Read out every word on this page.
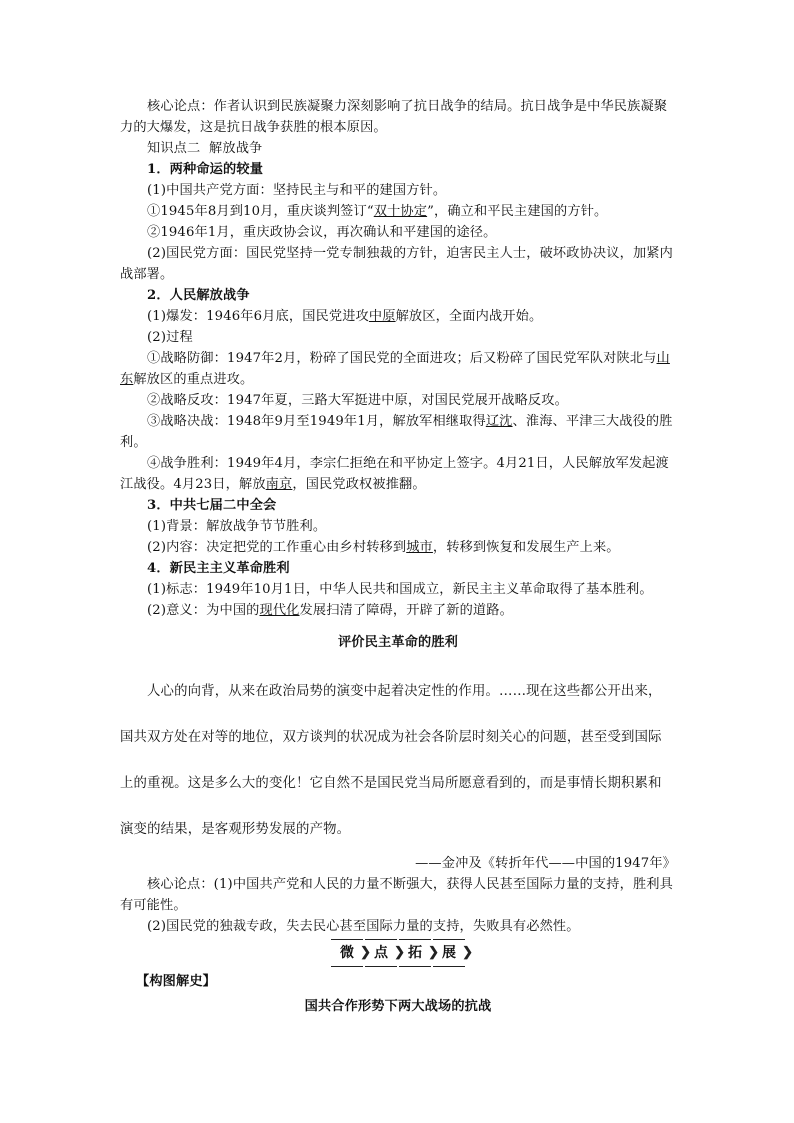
核心论点：作者认识到民族凝聚力深刻影响了抗日战争的结局。抗日战争是中华民族凝聚力的大爆发，这是抗日战争获胜的根本原因。

知识点二  解放战争

1．两种命运的较量

(1)中国共产党方面：坚持民主与和平的建国方针。

①1945年8月到10月，重庆谈判签订“双十协定”，确立和平民主建国的方针。

②1946年1月，重庆政协会议，再次确认和平建国的途径。

(2)国民党方面：国民党坚持一党专制独裁的方针，迫害民主人士，破坏政协决议，加紧内战部署。

2．人民解放战争

(1)爆发：1946年6月底，国民党进攻中原解放区，全面内战开始。

(2)过程

①战略防御：1947年2月，粉碎了国民党的全面进攻；后又粉碎了国民党军队对陕北与山东解放区的重点进攻。

②战略反攻：1947年夏，三路大军挺进中原，对国民党展开战略反攻。

③战略决战：1948年9月至1949年1月，解放军相继取得辽沈、淮海、平津三大战役的胜利。

④战争胜利：1949年4月，李宗仁拒绝在和平协定上签字。4月21日，人民解放军发起渡江战役。4月23日，解放南京，国民党政权被推翻。

3．中共七届二中全会

(1)背景：解放战争节节胜利。

(2)内容：决定把党的工作重心由乡村转移到城市，转移到恢复和发展生产上来。

4．新民主主义革命胜利

(1)标志：1949年10月1日，中华人民共和国成立，新民主主义革命取得了基本胜利。

(2)意义：为中国的现代化发展扫清了障碍，开辟了新的道路。

评价民主革命的胜利

人心的向背，从来在政治局势的演变中起着决定性的作用。……现在这些都公开出来，

国共双方处在对等的地位，双方谈判的状况成为社会各阶层时刻关心的问题，甚至受到国际

上的重视。这是多么大的变化！它自然不是国民党当局所愿意看到的，而是事情长期积累和

演变的结果，是客观形势发展的产物。

——金冲及《转折年代——中国的1947年》

核心论点：(1)中国共产党和人民的力量不断强大，获得人民甚至国际力量的支持，胜利具有可能性。

(2)国民党的独裁专政，失去民心甚至国际力量的支持，失败具有必然性。

❯ 微	❯ 点	❯ 拓	❯ 展

【构图解史】

国共合作形势下两大战场的抗战
